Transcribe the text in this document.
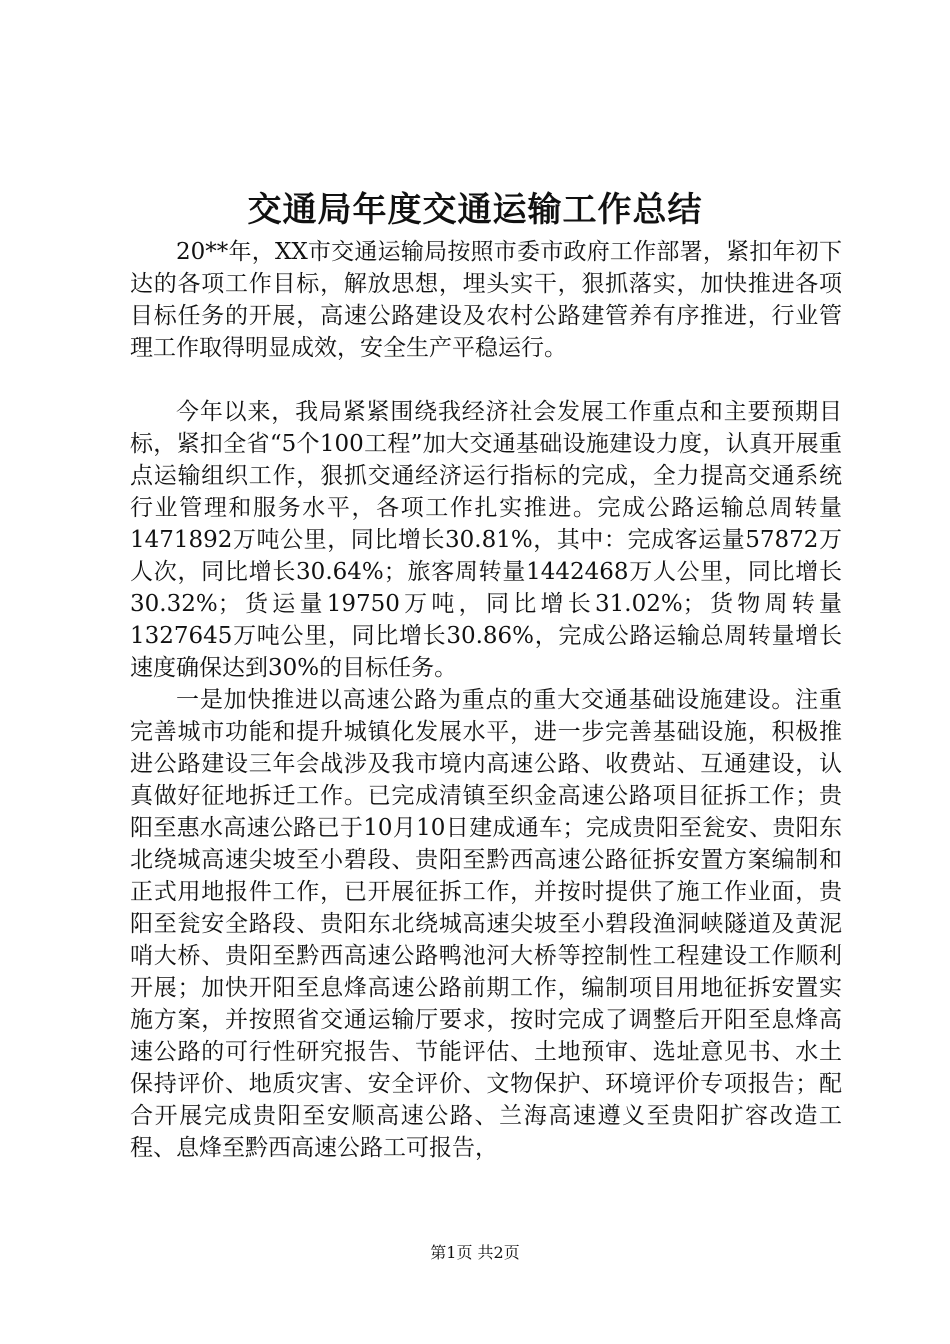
交通局年度交通运输工作总结

20**年，XX市交通运输局按照市委市政府工作部署，紧扣年初下达的各项工作目标，解放思想，埋头实干，狠抓落实，加快推进各项目标任务的开展，高速公路建设及农村公路建管养有序推进，行业管理工作取得明显成效，安全生产平稳运行。

今年以来，我局紧紧围绕我经济社会发展工作重点和主要预期目标，紧扣全省“5个100工程”加大交通基础设施建设力度，认真开展重点运输组织工作，狠抓交通经济运行指标的完成，全力提高交通系统行业管理和服务水平，各项工作扎实推进。完成公路运输总周转量1471892万吨公里，同比增长30.81%，其中：完成客运量57872万人次，同比增长30.64%；旅客周转量1442468万人公里，同比增长30.32%；货运量19750万吨，同比增长31.02%；货物周转量1327645万吨公里，同比增长30.86%，完成公路运输总周转量增长速度确保达到30%的目标任务。

一是加快推进以高速公路为重点的重大交通基础设施建设。注重完善城市功能和提升城镇化发展水平，进一步完善基础设施，积极推进公路建设三年会战涉及我市境内高速公路、收费站、互通建设，认真做好征地拆迁工作。已完成清镇至织金高速公路项目征拆工作；贵阳至惠水高速公路已于10月10日建成通车；完成贵阳至瓮安、贵阳东北绕城高速尖坡至小碧段、贵阳至黔西高速公路征拆安置方案编制和正式用地报件工作，已开展征拆工作，并按时提供了施工作业面，贵阳至瓮安全路段、贵阳东北绕城高速尖坡至小碧段渔洞峡隧道及黄泥哨大桥、贵阳至黔西高速公路鸭池河大桥等控制性工程建设工作顺利开展；加快开阳至息烽高速公路前期工作，编制项目用地征拆安置实施方案，并按照省交通运输厅要求，按时完成了调整后开阳至息烽高速公路的可行性研究报告、节能评估、土地预审、选址意见书、水土保持评价、地质灾害、安全评价、文物保护、环境评价专项报告；配合开展完成贵阳至安顺高速公路、兰海高速遵义至贵阳扩容改造工程、息烽至黔西高速公路工可报告，

第1页 共2页
